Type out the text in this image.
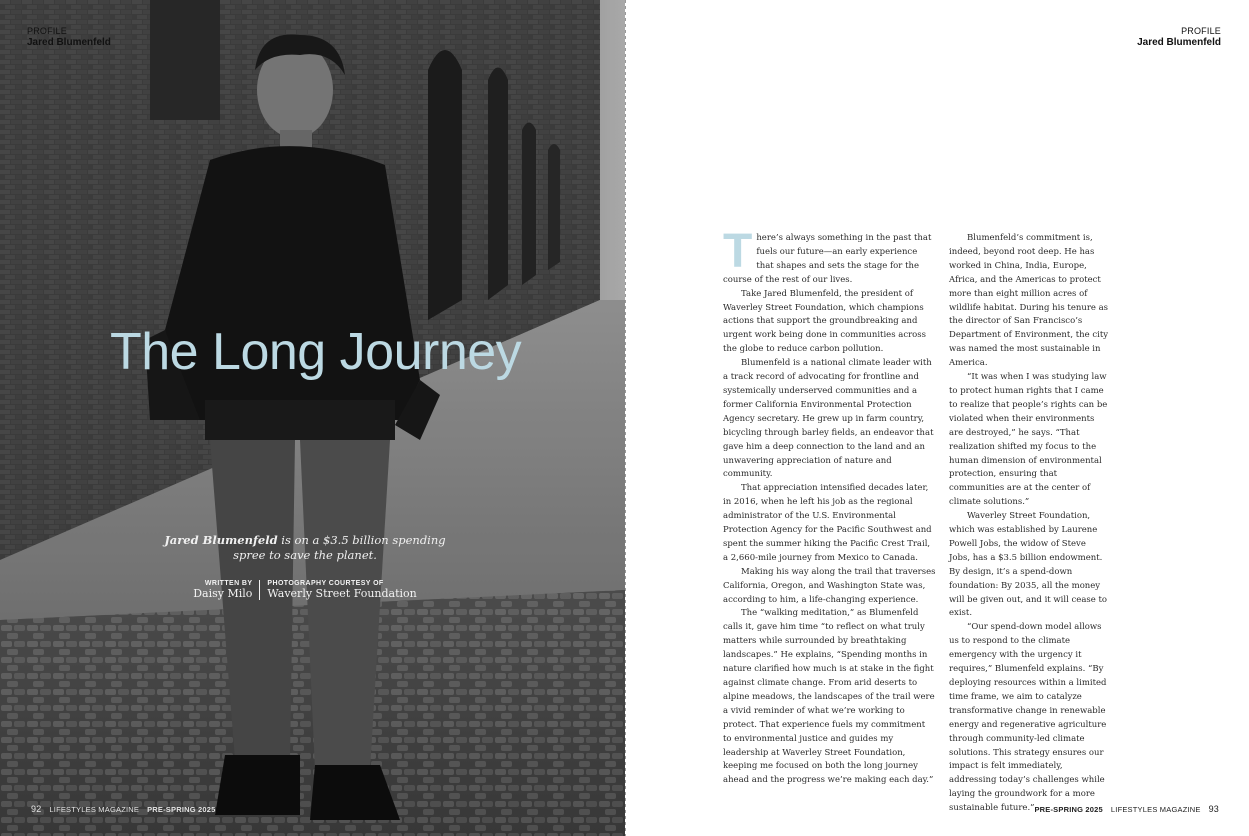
PROFILE
Jared Blumenfeld
The Long Journey
Jared Blumenfeld is on a $3.5 billion spending spree to save the planet.
WRITTEN BY
Daisy Milo
PHOTOGRAPHY COURTESY OF
Waverly Street Foundation
92 LIFESTYLES MAGAZINE PRE-SPRING 2025
PROFILE
Jared Blumenfeld

There’s always something in the past that fuels our future—an early experience that shapes and sets the stage for the course of the rest of our lives.

Take Jared Blumenfeld, the president of Waverley Street Foundation, which champions actions that support the groundbreaking and urgent work being done in communities across the globe to reduce carbon pollution.

Blumenfeld is a national climate leader with a track record of advocating for frontline and systemically underserved communities and a former California Environmental Protection Agency secretary. He grew up in farm country, bicycling through barley fields, an endeavor that gave him a deep connection to the land and an unwavering appreciation of nature and community.

That appreciation intensified decades later, in 2016, when he left his job as the regional administrator of the U.S. Environmental Protection Agency for the Pacific Southwest and spent the summer hiking the Pacific Crest Trail, a 2,660-mile journey from Mexico to Canada.

Making his way along the trail that traverses California, Oregon, and Washington State was, according to him, a life-changing experience.

The “walking meditation,” as Blumenfeld calls it, gave him time “to reflect on what truly matters while surrounded by breathtaking landscapes.” He explains, “Spending months in nature clarified how much is at stake in the fight against climate change. From arid deserts to alpine meadows, the landscapes of the trail were a vivid reminder of what we’re working to protect. That experience fuels my commitment to environmental justice and guides my leadership at Waverley Street Foundation, keeping me focused on both the long journey ahead and the progress we’re making each day.”

Blumenfeld’s commitment is, indeed, beyond root deep. He has worked in China, India, Europe, Africa, and the Americas to protect more than eight million acres of wildlife habitat. During his tenure as the director of San Francisco’s Department of Environment, the city was named the most sustainable in America.

“It was when I was studying law to protect human rights that I came to realize that people’s rights can be violated when their environments are destroyed,” he says. “That realization shifted my focus to the human dimension of environmental protection, ensuring that communities are at the center of climate solutions.”

Waverley Street Foundation, which was established by Laurene Powell Jobs, the widow of Steve Jobs, has a $3.5 billion endowment. By design, it’s a spend-down foundation: By 2035, all the money will be given out, and it will cease to exist.

“Our spend-down model allows us to respond to the climate emergency with the urgency it requires,” Blumenfeld explains. “By deploying resources within a limited time frame, we aim to catalyze transformative change in renewable energy and regenerative agriculture through community-led climate solutions. This strategy ensures our impact is felt immediately, addressing today’s challenges while laying the groundwork for a more sustainable future.” PRE-SPRING 2025 LIFESTYLES MAGAZINE 93
